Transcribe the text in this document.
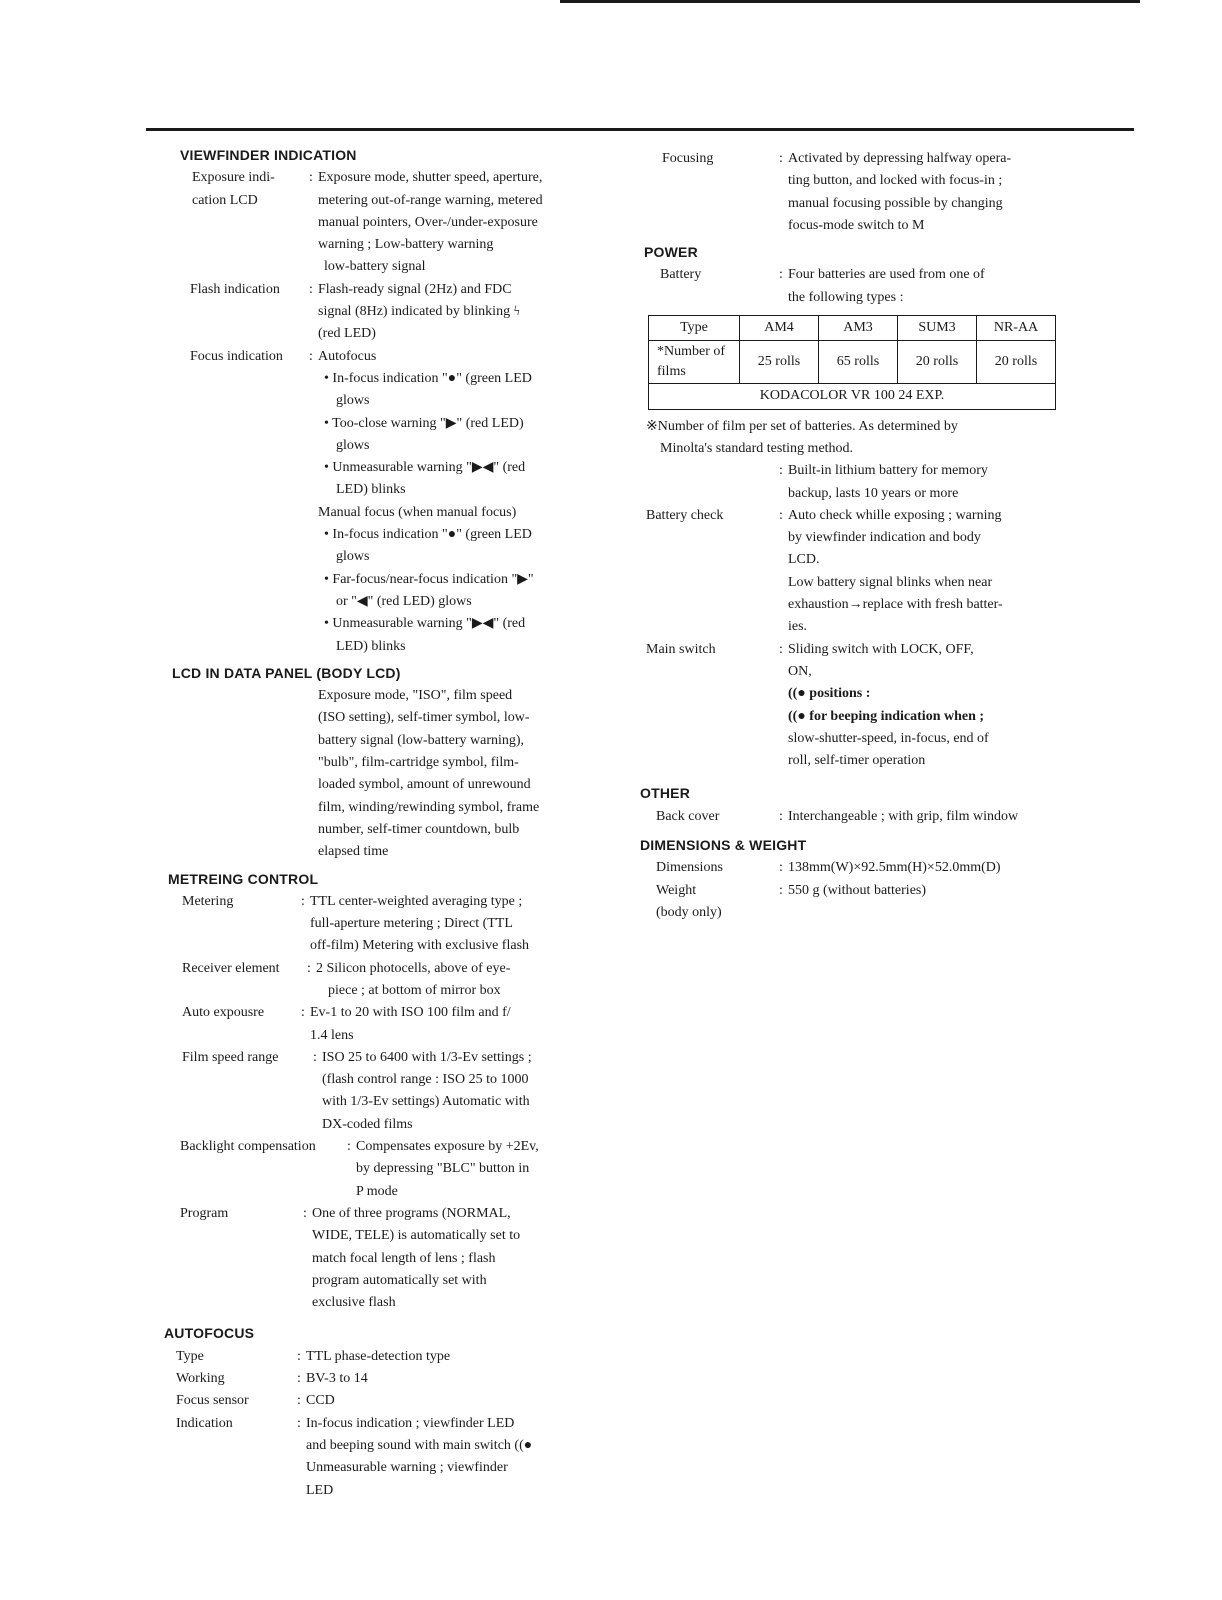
VIEWFINDER INDICATION
Exposure indi-
cation LCD
: Exposure mode, shutter speed, aperture,
metering out-of-range warning, metered
manual pointers, Over-/under-exposure
warning ; Low-battery warning
low-battery signal
Flash indication	: Flash-ready signal (2Hz) and FDC
signal (8Hz) indicated by blinking ϟ
(red LED)
Focus indication	: Autofocus
• In-focus indication "●" (green LED
glows
• Too-close warning "▶" (red LED)
glows
• Unmeasurable warning "▶◀" (red
LED) blinks
Manual focus (when manual focus)
• In-focus indication "●" (green LED
glows
• Far-focus/near-focus indication "▶"
or "◀" (red LED) glows
• Unmeasurable warning "▶◀" (red
LED) blinks
LCD IN DATA PANEL (BODY LCD)
Exposure mode, "ISO", film speed
(ISO setting), self-timer symbol, low-
battery signal (low-battery warning),
"bulb", film-cartridge symbol, film-
loaded symbol, amount of unrewound
film, winding/rewinding symbol, frame
number, self-timer countdown, bulb
elapsed time
METREING CONTROL
Metering	: TTL center-weighted averaging type ;
full-aperture metering ; Direct (TTL
off-film) Metering with exclusive flash
Receiver element	: 2 Silicon photocells, above of eye-
piece ; at bottom of mirror box
Auto expousre	: Ev-1 to 20 with ISO 100 film and f/
1.4 lens
Film speed range	: ISO 25 to 6400 with 1/3-Ev settings ;
(flash control range : ISO 25 to 1000
with 1/3-Ev settings) Automatic with
DX-coded films
Backlight compensation	: Compensates exposure by +2Ev,
by depressing "BLC" button in
P mode
Program	: One of three programs (NORMAL,
WIDE, TELE) is automatically set to
match focal length of lens ; flash
program automatically set with
exclusive flash
AUTOFOCUS
Type	: TTL phase-detection type
Working	: BV-3 to 14
Focus sensor	: CCD
Indication	: In-focus indication ; viewfinder LED
and beeping sound with main switch ((●
Unmeasurable warning ; viewfinder
LED
Focusing	: Activated by depressing halfway opera-
ting button, and locked with focus-in ;
manual focusing possible by changing
focus-mode switch to M
POWER
Battery	: Four batteries are used from one of
the following types :
Type	AM4	AM3	SUM3	NR-AA

*Number of
films	25 rolls	65 rolls	20 rolls	20 rolls
KODACOLOR VR 100 24 EXP.				
※Number of film per set of batteries. As determined by
Minolta's standard testing method.
: Built-in lithium battery for memory
backup, lasts 10 years or more
Battery check	: Auto check whille exposing ; warning
by viewfinder indication and body
LCD.
Low battery signal blinks when near
exhaustion→replace with fresh batter-
ies.
Main switch	: Sliding switch with LOCK, OFF,
ON,
((● positions :
((● for beeping indication when ;
slow-shutter-speed, in-focus, end of
roll, self-timer operation
OTHER
Back cover	: Interchangeable ; with grip, film window
DIMENSIONS & WEIGHT
Dimensions	: 138mm(W)×92.5mm(H)×52.0mm(D)
Weight
(body only)
: 550 g (without batteries)
